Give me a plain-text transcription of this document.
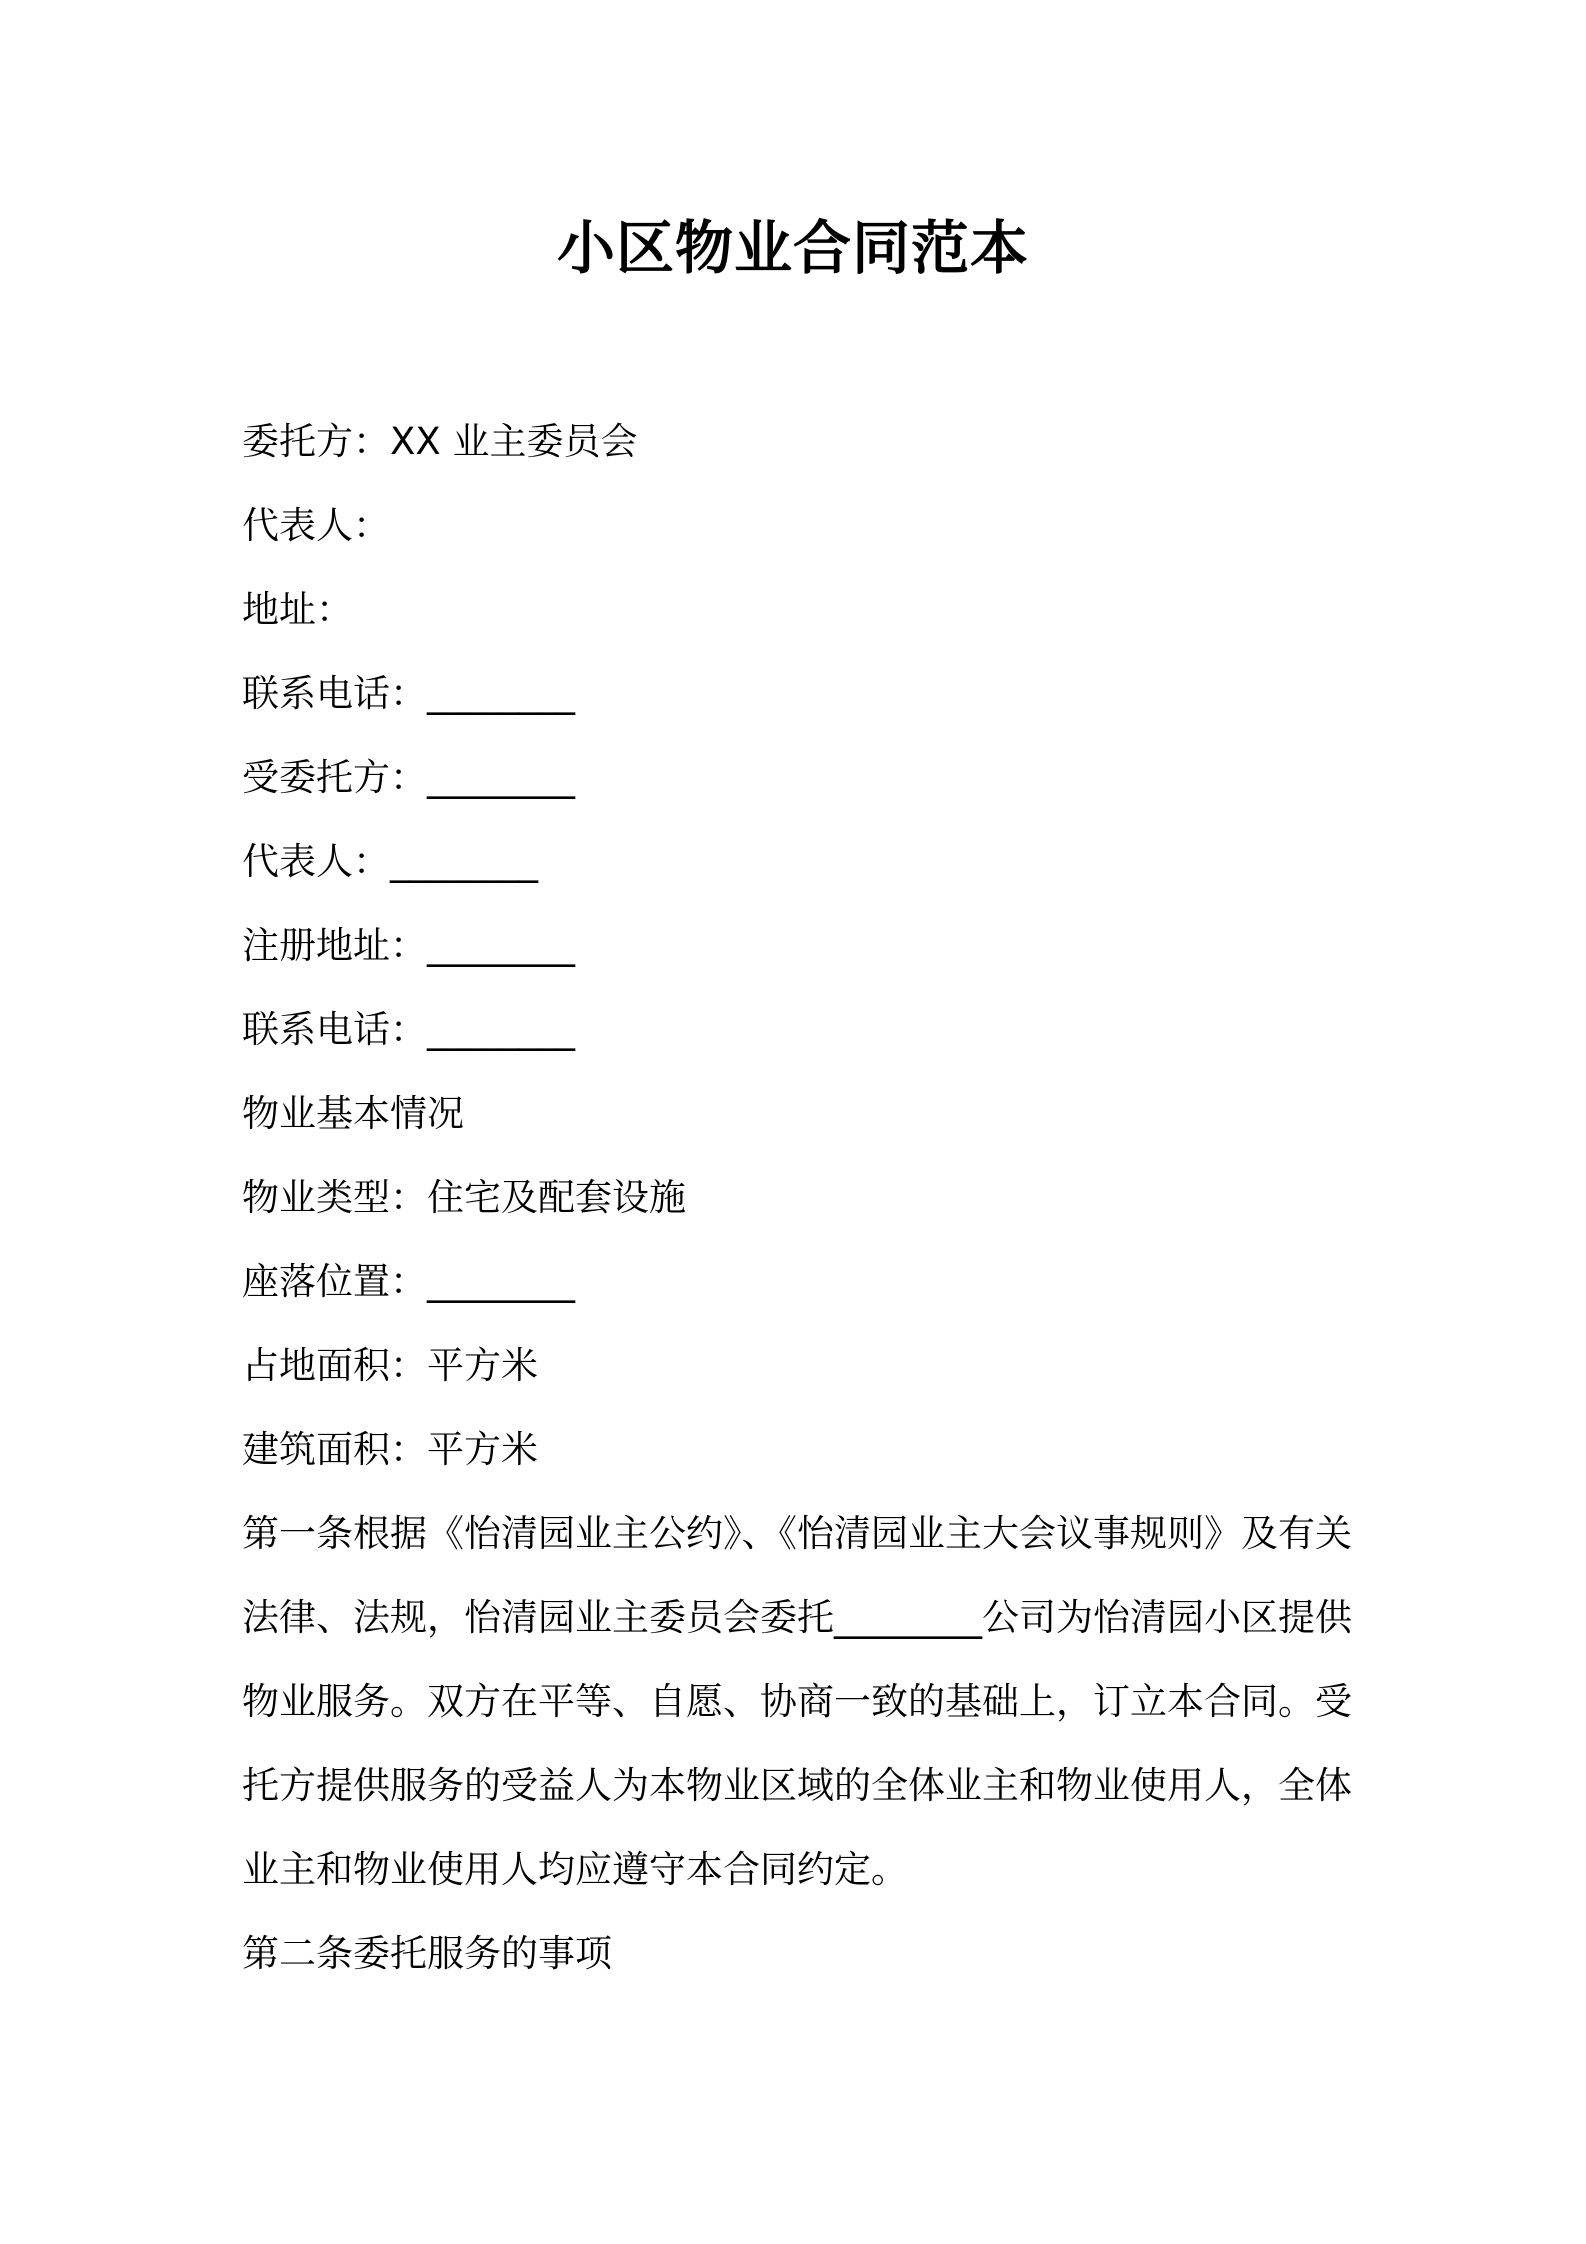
小区物业合同范本
委托方：XX 业主委员会
代表人：
地址：
联系电话：________
受委托方：________
代表人：________
注册地址：________
联系电话：________
物业基本情况
物业类型：住宅及配套设施
座落位置：________
占地面积：平方米
建筑面积：平方米
第一条根据《怡清园业主公约》、《怡清园业主大会议事规则》及有关法律、法规，怡清园业主委员会委托________公司为怡清园小区提供物业服务。双方在平等、自愿、协商一致的基础上，订立本合同。受托方提供服务的受益人为本物业区域的全体业主和物业使用人，全体业主和物业使用人均应遵守本合同约定。
第二条委托服务的事项
